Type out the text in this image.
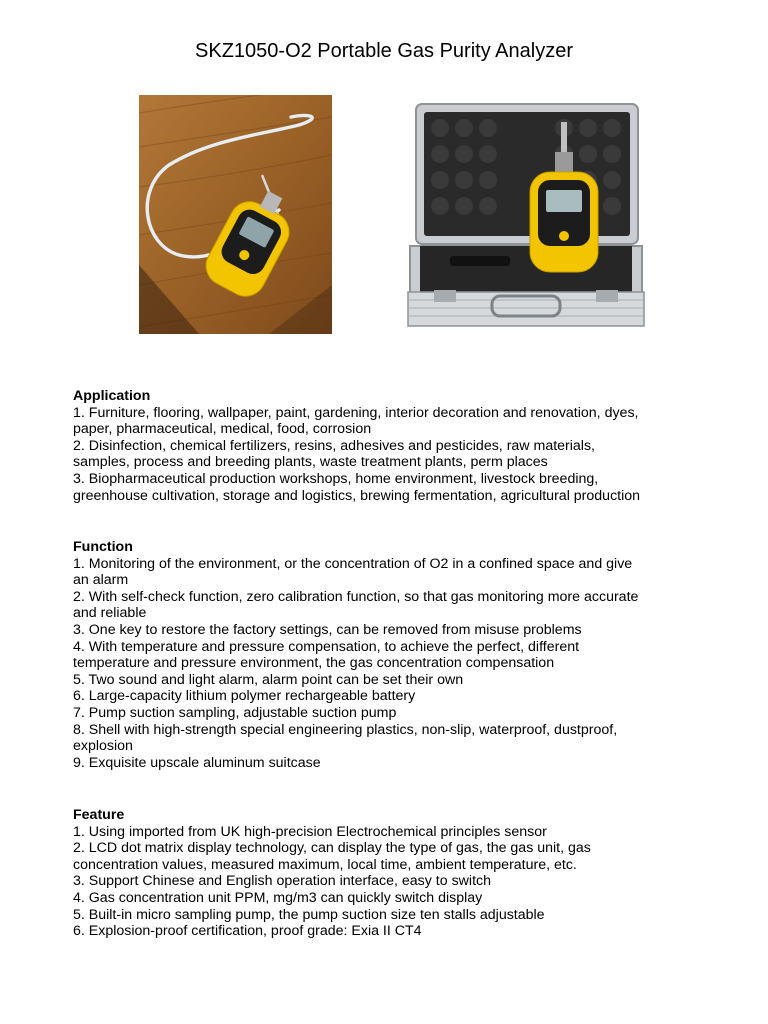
SKZ1050-O2 Portable Gas Purity Analyzer

Application

1. Furniture, flooring, wallpaper, paint, gardening, interior decoration and renovation, dyes,

paper, pharmaceutical, medical, food, corrosion

2. Disinfection, chemical fertilizers, resins, adhesives and pesticides, raw materials,

samples, process and breeding plants, waste treatment plants, perm places

3. Biopharmaceutical production workshops, home environment, livestock breeding,

greenhouse cultivation, storage and logistics, brewing fermentation, agricultural production

Function

1. Monitoring of the environment, or the concentration of O2 in a confined space and give

an alarm

2. With self-check function, zero calibration function, so that gas monitoring more accurate

and reliable

3. One key to restore the factory settings, can be removed from misuse problems

4. With temperature and pressure compensation, to achieve the perfect, different

temperature and pressure environment, the gas concentration compensation

5. Two sound and light alarm, alarm point can be set their own

6. Large-capacity lithium polymer rechargeable battery

7. Pump suction sampling, adjustable suction pump

8. Shell with high-strength special engineering plastics, non-slip, waterproof, dustproof,

explosion

9. Exquisite upscale aluminum suitcase

Feature

1. Using imported from UK high-precision Electrochemical principles sensor

2. LCD dot matrix display technology, can display the type of gas, the gas unit, gas

concentration values, measured maximum, local time, ambient temperature, etc.

3. Support Chinese and English operation interface, easy to switch

4. Gas concentration unit PPM, mg/m3 can quickly switch display

5. Built-in micro sampling pump, the pump suction size ten stalls adjustable

6. Explosion-proof certification, proof grade: Exia II CT4
